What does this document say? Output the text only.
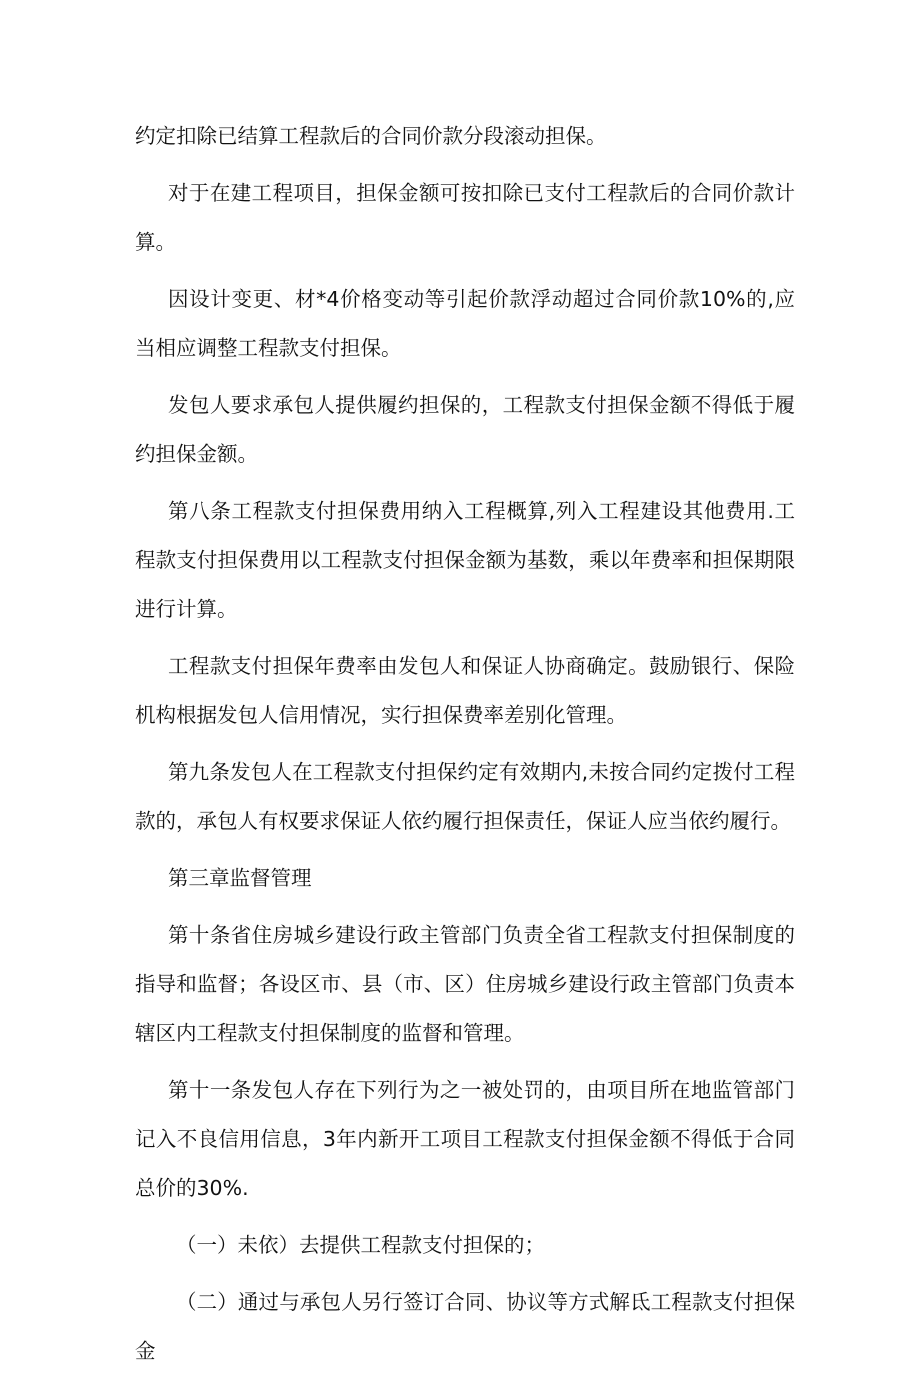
约定扣除已结算工程款后的合同价款分段滚动担保。

对于在建工程项目，担保金额可按扣除已支付工程款后的合同价款计算。

因设计变更、材*4价格变动等引起价款浮动超过合同价款10%的,应当相应调整工程款支付担保。

发包人要求承包人提供履约担保的，工程款支付担保金额不得低于履约担保金额。

第八条工程款支付担保费用纳入工程概算,列入工程建设其他费用.工程款支付担保费用以工程款支付担保金额为基数，乘以年费率和担保期限进行计算。

工程款支付担保年费率由发包人和保证人协商确定。鼓励银行、保险机构根据发包人信用情况，实行担保费率差别化管理。

第九条发包人在工程款支付担保约定有效期内,未按合同约定拨付工程款的，承包人有权要求保证人依约履行担保责任，保证人应当依约履行。

第三章监督管理

第十条省住房城乡建设行政主管部门负责全省工程款支付担保制度的指导和监督；各设区市、县（市、区）住房城乡建设行政主管部门负责本辖区内工程款支付担保制度的监督和管理。

第十一条发包人存在下列行为之一被处罚的，由项目所在地监管部门记入不良信用信息，3年内新开工项目工程款支付担保金额不得低于合同总价的30%.

（一）未依）去提供工程款支付担保的；

（二）通过与承包人另行签订合同、协议等方式解氐工程款支付担保金
